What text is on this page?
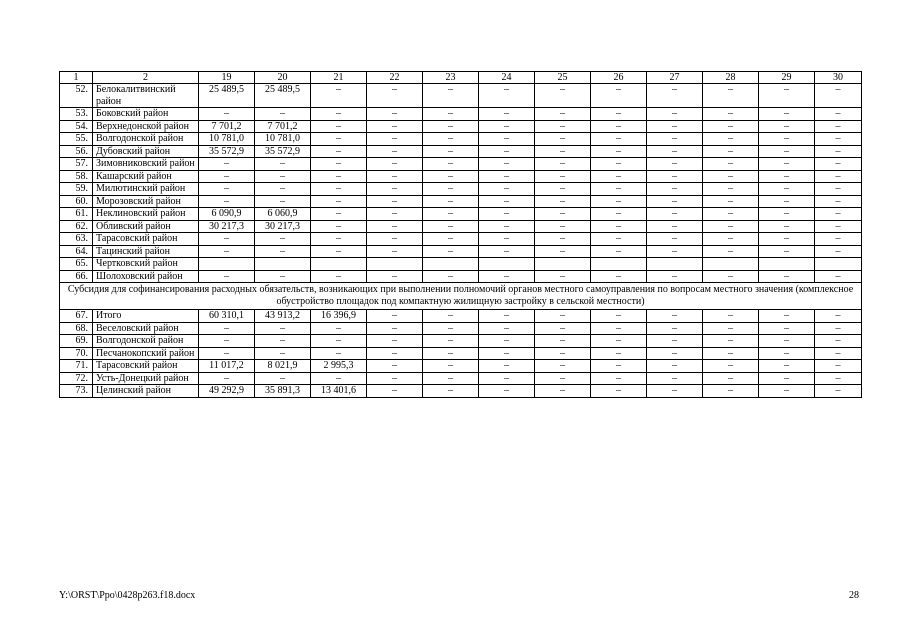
1	2	19	20	21	22	23	24	25	26	27	28	29	30
52.	Белокалитвинский район	25 489,5	25 489,5	–	–	–	–	–	–	–	–	–	–
53.	Боковский район	–	–	–	–	–	–	–	–	–	–	–	–
54.	Верхнедонской район	7 701,2	7 701,2	–	–	–	–	–	–	–	–	–	–
55.	Волгодонской район	10 781,0	10 781,0	–	–	–	–	–	–	–	–	–	–
56.	Дубовский район	35 572,9	35 572,9	–	–	–	–	–	–	–	–	–	–
57.	Зимовниковский район	–	–	–	–	–	–	–	–	–	–	–	–
58.	Кашарский район	–	–	–	–	–	–	–	–	–	–	–	–
59.	Милютинский район	–	–	–	–	–	–	–	–	–	–	–	–
60.	Морозовский район	–	–	–	–	–	–	–	–	–	–	–	–
61.	Неклиновский район	6 090,9	6 060,9	–	–	–	–	–	–	–	–	–	–
62.	Обливский район	30 217,3	30 217,3	–	–	–	–	–	–	–	–	–	–
63.	Тарасовский район	–	–	–	–	–	–	–	–	–	–	–	–
64.	Тацинский район	–	–	–	–	–	–	–	–	–	–	–	–
65.	Чертковский район												
66.	Шолоховский район	–	–	–	–	–	–	–	–	–	–	–	–
Субсидия для софинансирования расходных обязательств, возникающих при выполнении полномочий органов местного самоуправления по вопросам местного значения (комплексное обустройство площадок под компактную жилищную застройку в сельской местности)													
67.	Итого	60 310,1	43 913,2	16 396,9	–	–	–	–	–	–	–	–	–
68.	Веселовский район	–	–	–	–	–	–	–	–	–	–	–	–
69.	Волгодонской район	–	–	–	–	–	–	–	–	–	–	–	–
70.	Песчанокопский район	–	–	–	–	–	–	–	–	–	–	–	–
71.	Тарасовский район	11 017,2	8 021,9	2 995,3	–	–	–	–	–	–	–	–	–
72.	Усть-Донецкий район	–	–	–	–	–	–	–	–	–	–	–	–
73.	Целинский район	49 292,9	35 891,3	13 401,6	–	–	–	–	–	–	–	–	–
Y:\ORST\Ppo\0428p263.f18.docx	28
